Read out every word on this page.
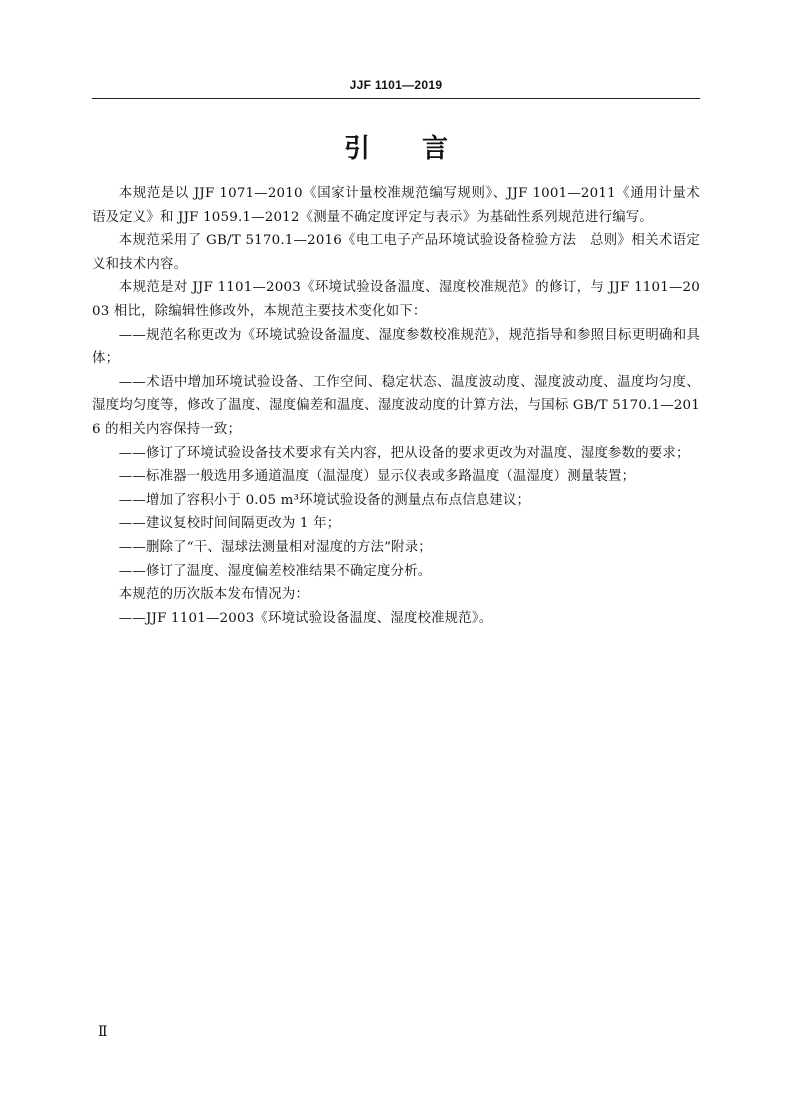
JJF 1101—2019
引言

本规范是以 JJF 1071—2010《国家计量校准规范编写规则》、JJF 1001—2011《通用计量术语及定义》和 JJF 1059.1—2012《测量不确定度评定与表示》为基础性系列规范进行编写。

本规范采用了 GB/T 5170.1—2016《电工电子产品环境试验设备检验方法　总则》相关术语定义和技术内容。

本规范是对 JJF 1101—2003《环境试验设备温度、湿度校准规范》的修订，与 JJF 1101—2003 相比，除编辑性修改外，本规范主要技术变化如下：

——规范名称更改为《环境试验设备温度、湿度参数校准规范》，规范指导和参照目标更明确和具体；

——术语中增加环境试验设备、工作空间、稳定状态、温度波动度、湿度波动度、温度均匀度、湿度均匀度等，修改了温度、湿度偏差和温度、湿度波动度的计算方法，与国标 GB/T 5170.1—2016 的相关内容保持一致；

——修订了环境试验设备技术要求有关内容，把从设备的要求更改为对温度、湿度参数的要求；

——标准器一般选用多通道温度（温湿度）显示仪表或多路温度（温湿度）测量装置；

——增加了容积小于 0.05 m³环境试验设备的测量点布点信息建议；

——建议复校时间间隔更改为 1 年；

——删除了“干、湿球法测量相对湿度的方法”附录；

——修订了温度、湿度偏差校准结果不确定度分析。

本规范的历次版本发布情况为：

——JJF 1101—2003《环境试验设备温度、湿度校准规范》。

Ⅱ
